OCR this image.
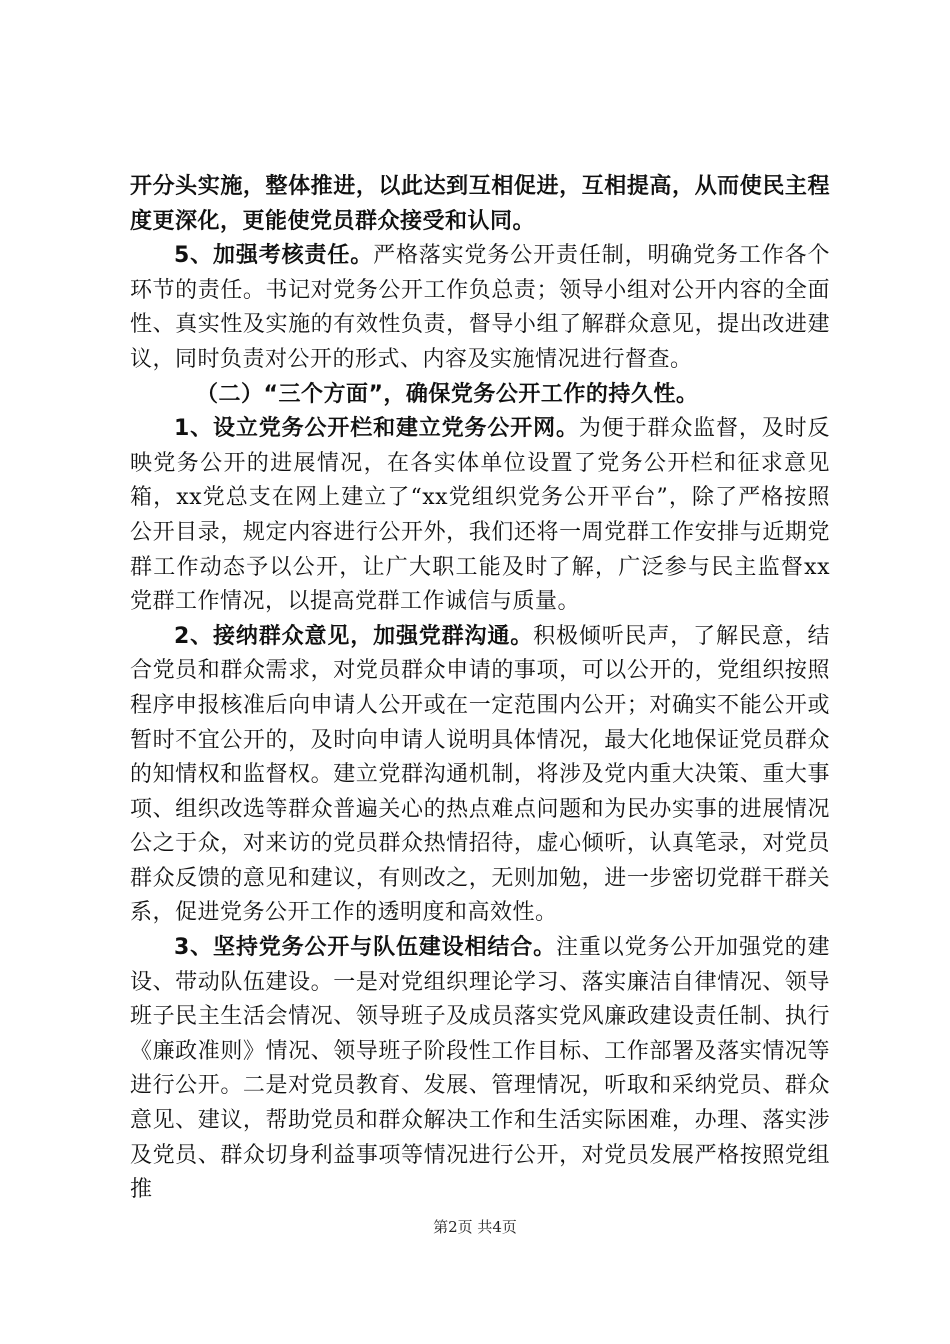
开分头实施，整体推进，以此达到互相促进，互相提高，从而使民主程度更深化，更能使党员群众接受和认同。

5、加强考核责任。严格落实党务公开责任制，明确党务工作各个环节的责任。书记对党务公开工作负总责；领导小组对公开内容的全面性、真实性及实施的有效性负责，督导小组了解群众意见，提出改进建议，同时负责对公开的形式、内容及实施情况进行督查。

（二）“三个方面”，确保党务公开工作的持久性。

1、设立党务公开栏和建立党务公开网。为便于群众监督，及时反映党务公开的进展情况，在各实体单位设置了党务公开栏和征求意见箱，xx党总支在网上建立了“xx党组织党务公开平台”，除了严格按照公开目录，规定内容进行公开外，我们还将一周党群工作安排与近期党群工作动态予以公开，让广大职工能及时了解，广泛参与民主监督xx党群工作情况，以提高党群工作诚信与质量。

2、接纳群众意见，加强党群沟通。积极倾听民声，了解民意，结合党员和群众需求，对党员群众申请的事项，可以公开的，党组织按照程序申报核准后向申请人公开或在一定范围内公开；对确实不能公开或暂时不宜公开的，及时向申请人说明具体情况，最大化地保证党员群众的知情权和监督权。建立党群沟通机制，将涉及党内重大决策、重大事项、组织改选等群众普遍关心的热点难点问题和为民办实事的进展情况公之于众，对来访的党员群众热情招待，虚心倾听，认真笔录，对党员群众反馈的意见和建议，有则改之，无则加勉，进一步密切党群干群关系，促进党务公开工作的透明度和高效性。

3、坚持党务公开与队伍建设相结合。注重以党务公开加强党的建设、带动队伍建设。一是对党组织理论学习、落实廉洁自律情况、领导班子民主生活会情况、领导班子及成员落实党风廉政建设责任制、执行《廉政准则》情况、领导班子阶段性工作目标、工作部署及落实情况等进行公开。二是对党员教育、发展、管理情况，听取和采纳党员、群众意见、建议，帮助党员和群众解决工作和生活实际困难，办理、落实涉及党员、群众切身利益事项等情况进行公开，对党员发展严格按照党组推

第2页 共4页
